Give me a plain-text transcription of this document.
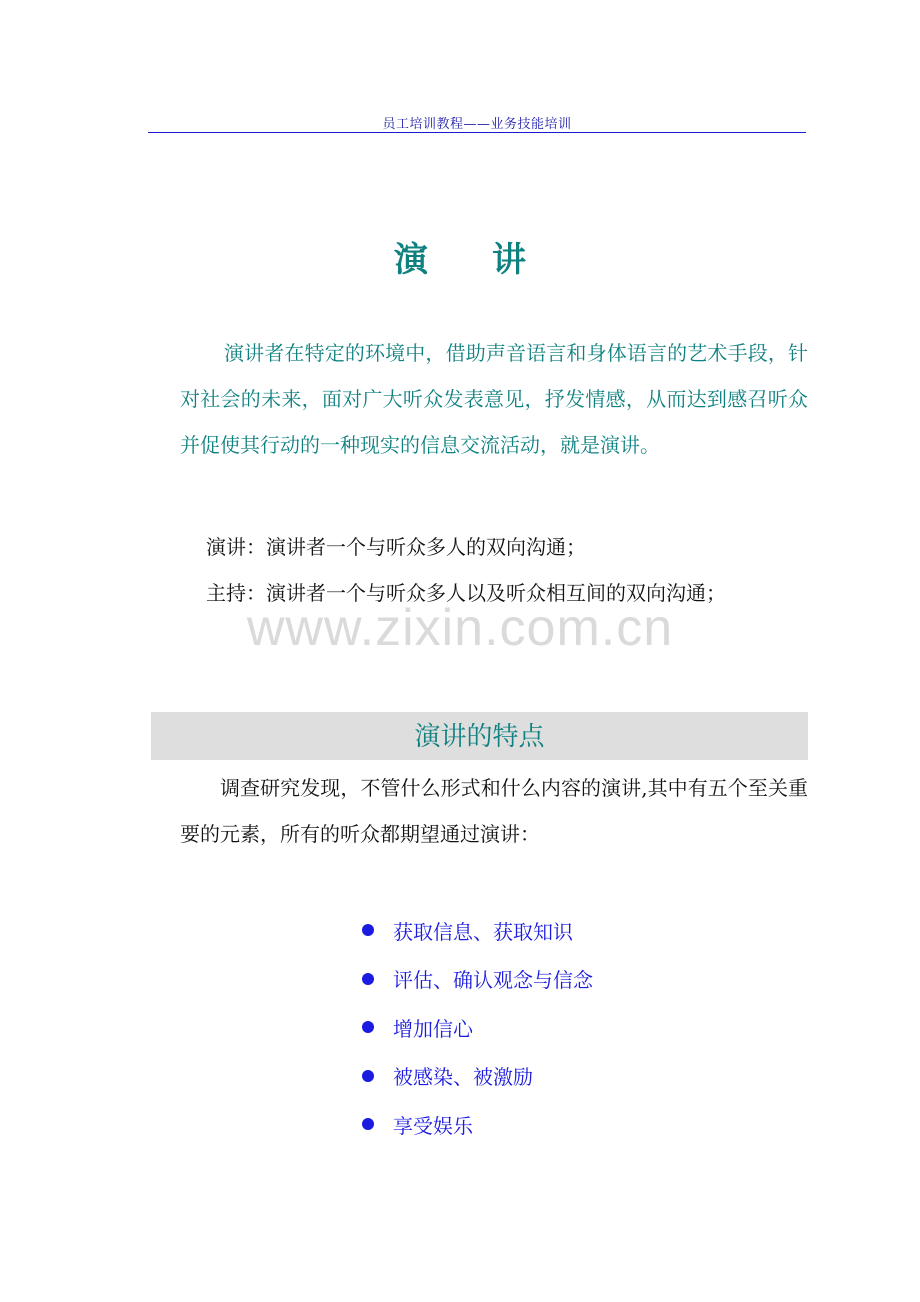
员工培训教程——业务技能培训
演讲
演讲者在特定的环境中，借助声音语言和身体语言的艺术手段，针对社会的未来，面对广大听众发表意见，抒发情感，从而达到感召听众并促使其行动的一种现实的信息交流活动，就是演讲。
演讲：演讲者一个与听众多人的双向沟通；
主持：演讲者一个与听众多人以及听众相互间的双向沟通；
www.zixin.com.cn
演讲的特点
调查研究发现，不管什么形式和什么内容的演讲,其中有五个至关重要的元素，所有的听众都期望通过演讲：
获取信息、获取知识
评估、确认观念与信念
增加信心
被感染、被激励
享受娱乐
